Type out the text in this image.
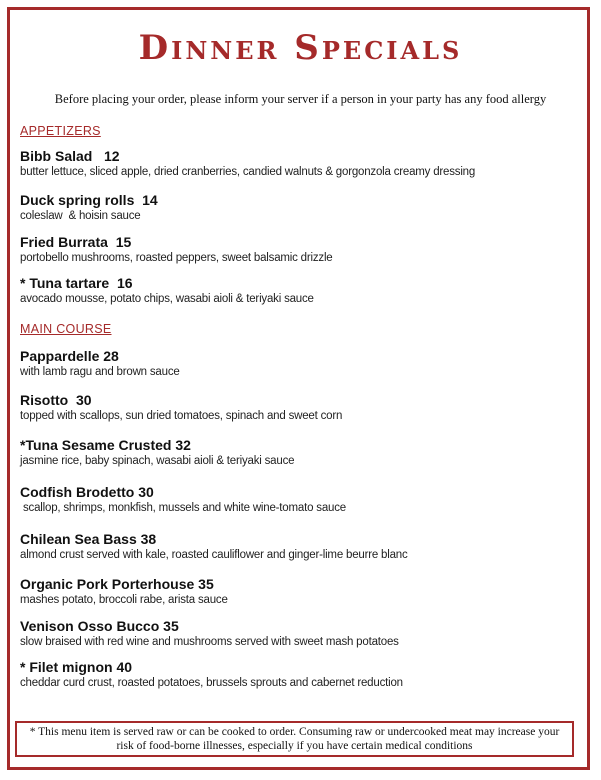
Dinner Specials
Before placing your order, please inform your server if a person in your party has any food allergy
APPETIZERS
Bibb Salad   12
butter lettuce, sliced apple, dried cranberries, candied walnuts & gorgonzola creamy dressing
Duck spring rolls  14
coleslaw  & hoisin sauce
Fried Burrata  15
portobello mushrooms, roasted peppers, sweet balsamic drizzle
* Tuna tartare  16
avocado mousse, potato chips, wasabi aioli & teriyaki sauce
MAIN COURSE
Pappardelle 28
with lamb ragu and brown sauce
Risotto  30
topped with scallops, sun dried tomatoes, spinach and sweet corn
*Tuna Sesame Crusted 32
jasmine rice, baby spinach, wasabi aioli & teriyaki sauce
Codfish Brodetto 30
scallop, shrimps, monkfish, mussels and white wine-tomato sauce
Chilean Sea Bass 38
almond crust served with kale, roasted cauliflower and ginger-lime beurre blanc
Organic Pork Porterhouse 35
mashes potato, broccoli rabe, arista sauce
Venison Osso Bucco 35
slow braised with red wine and mushrooms served with sweet mash potatoes
* Filet mignon 40
cheddar curd crust, roasted potatoes, brussels sprouts and cabernet reduction
* This menu item is served raw or can be cooked to order. Consuming raw or undercooked meat may increase your
risk of food-borne illnesses, especially if you have certain medical conditions
